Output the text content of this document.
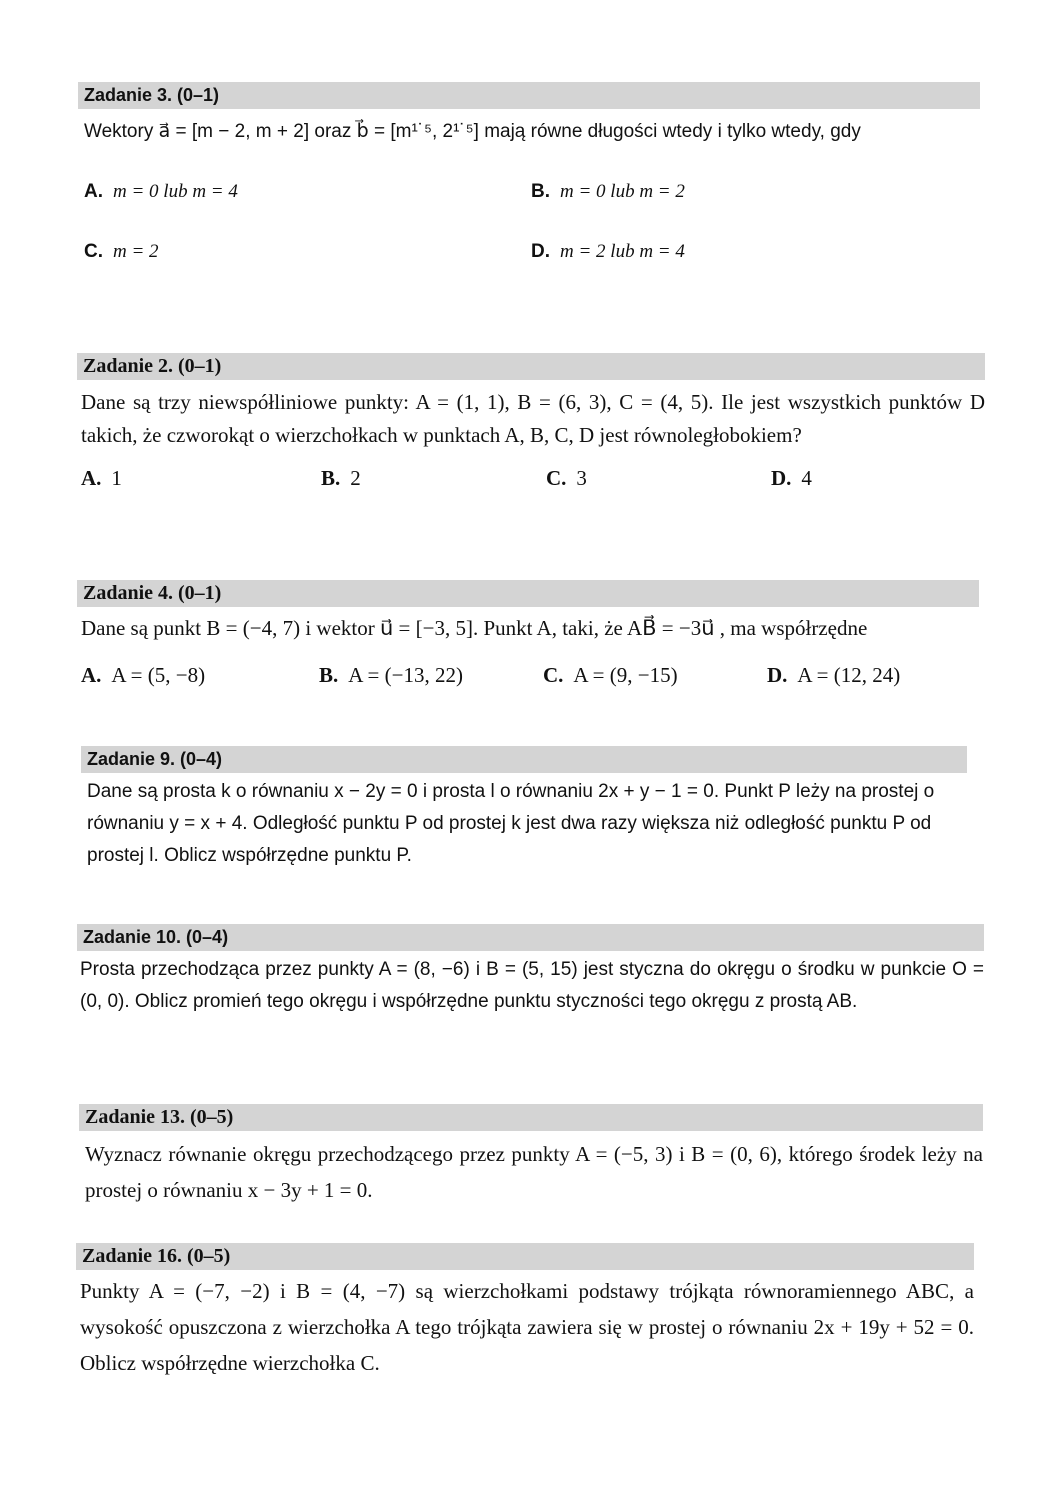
Zadanie 3. (0–1)

Wektory a⃗ = [m − 2, m + 2] oraz b⃗ = [m¹˙⁵, 2¹˙⁵] mają równe długości wtedy i tylko wtedy, gdy

A. m = 0 lub m = 4	B. m = 0 lub m = 2
C. m = 2	D. m = 2 lub m = 4
Zadanie 2. (0–1)

Dane są trzy niewspółliniowe punkty: A = (1, 1), B = (6, 3), C = (4, 5). Ile jest wszystkich punktów D takich, że czworokąt o wierzchołkach w punktach A, B, C, D jest równoległobokiem?

A. 1	B. 2	C. 3	D. 4
Zadanie 4. (0–1)

Dane są punkt B = (−4, 7) i wektor u⃗ = [−3, 5]. Punkt A, taki, że AB⃗ = −3u⃗ , ma współrzędne

A. A = (5, −8)	B. A = (−13, 22)	C. A = (9, −15)	D. A = (12, 24)
Zadanie 9. (0–4)

Dane są prosta k o równaniu x − 2y = 0 i prosta l o równaniu 2x + y − 1 = 0. Punkt P leży na prostej o równaniu y = x + 4. Odległość punktu P od prostej k jest dwa razy większa niż odległość punktu P od prostej l. Oblicz współrzędne punktu P.

Zadanie 10. (0–4)

Prosta przechodząca przez punkty A = (8, −6) i B = (5, 15) jest styczna do okręgu o środku w punkcie O = (0, 0). Oblicz promień tego okręgu i współrzędne punktu styczności tego okręgu z prostą AB.

Zadanie 13. (0–5)

Wyznacz równanie okręgu przechodzącego przez punkty A = (−5, 3) i B = (0, 6), którego środek leży na prostej o równaniu x − 3y + 1 = 0.

Zadanie 16. (0–5)

Punkty A = (−7, −2) i B = (4, −7) są wierzchołkami podstawy trójkąta równoramiennego ABC, a wysokość opuszczona z wierzchołka A tego trójkąta zawiera się w prostej o równaniu 2x + 19y + 52 = 0. Oblicz współrzędne wierzchołka C.
